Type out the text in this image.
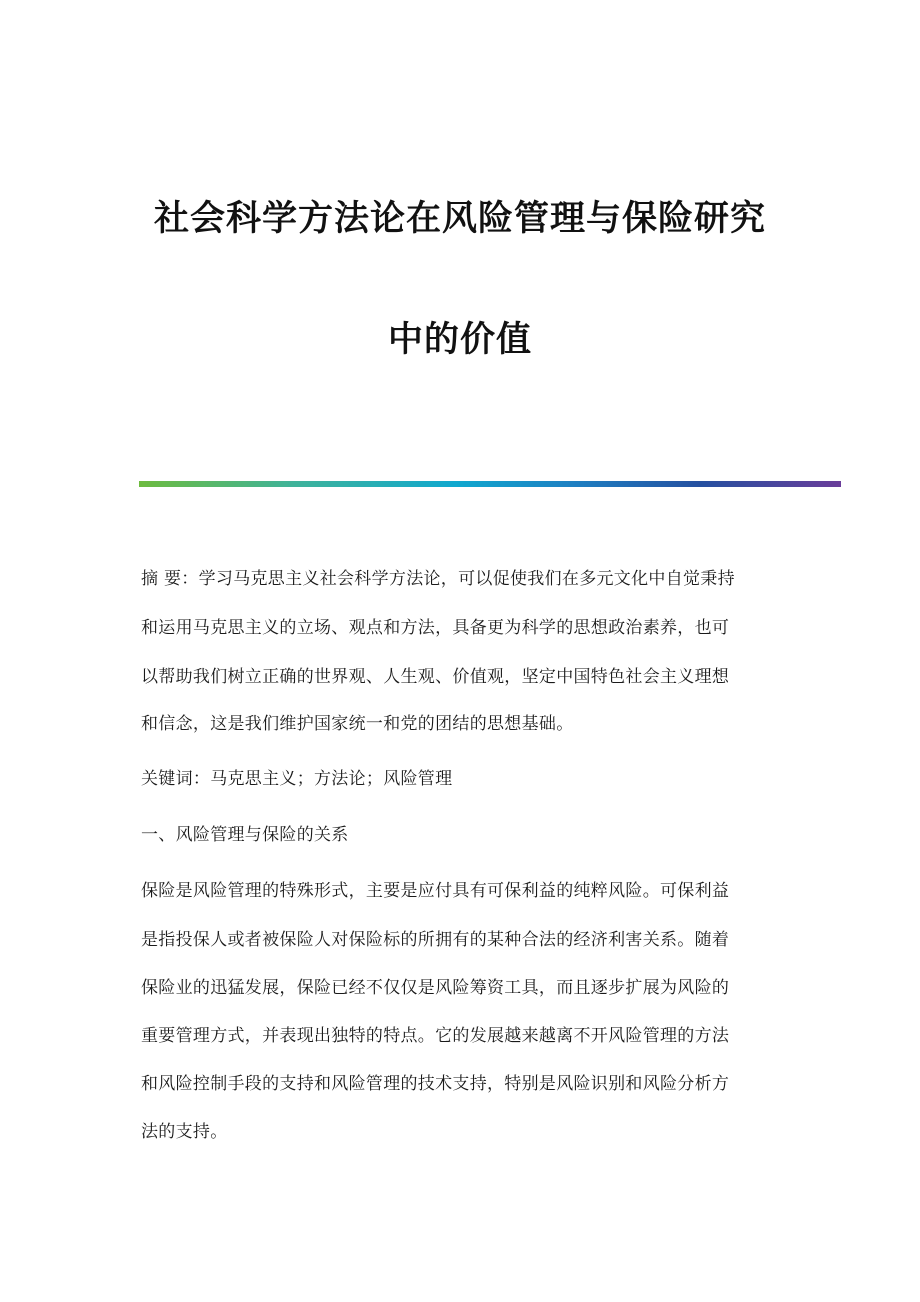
社会科学方法论在风险管理与保险研究
中的价值
摘 要：学习马克思主义社会科学方法论，可以促使我们在多元文化中自觉秉持
和运用马克思主义的立场、观点和方法，具备更为科学的思想政治素养，也可
以帮助我们树立正确的世界观、人生观、价值观，坚定中国特色社会主义理想
和信念，这是我们维护国家统一和党的团结的思想基础。
关键词：马克思主义；方法论；风险管理
一、风险管理与保险的关系
保险是风险管理的特殊形式，主要是应付具有可保利益的纯粹风险。可保利益
是指投保人或者被保险人对保险标的所拥有的某种合法的经济利害关系。随着
保险业的迅猛发展，保险已经不仅仅是风险筹资工具，而且逐步扩展为风险的
重要管理方式，并表现出独特的特点。它的发展越来越离不开风险管理的方法
和风险控制手段的支持和风险管理的技术支持，特别是风险识别和风险分析方
法的支持。
